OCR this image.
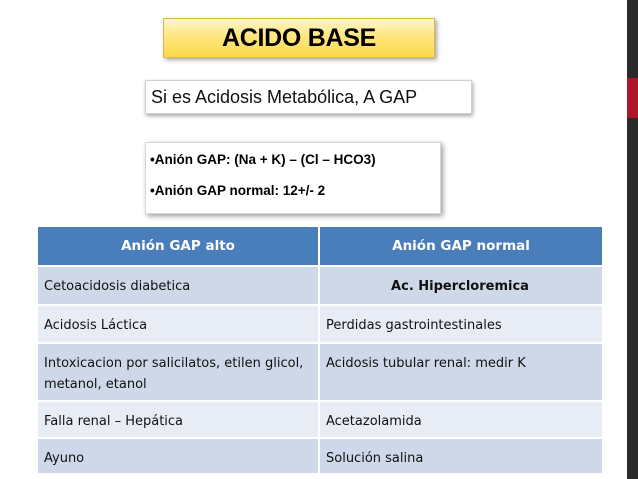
ACIDO BASE
Si es Acidosis Metabólica, A GAP
•Anión GAP: (Na + K) – (Cl – HCO3)
•Anión GAP normal: 12+/- 2
Anión GAP alto	Anión GAP normal
Cetoacidosis diabetica	Ac. Hipercloremica
Acidosis Láctica	Perdidas gastrointestinales
Intoxicacion por salicilatos, etilen glicol, metanol, etanol	Acidosis tubular renal: medir K
Falla renal – Hepática	Acetazolamida
Ayuno	Solución salina
